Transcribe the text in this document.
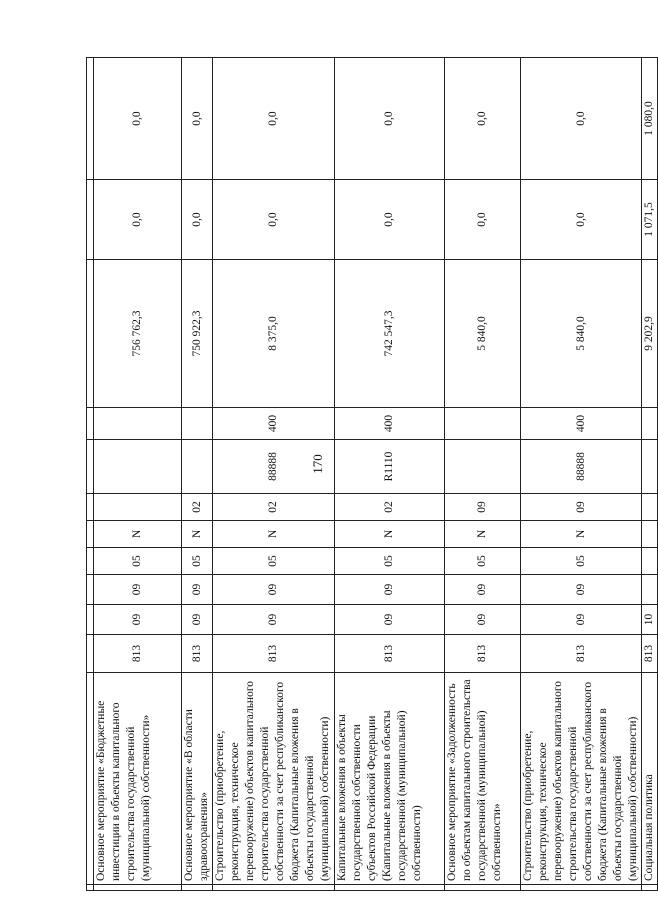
170

	Основное мероприятие «Бюджетные инвестиции в объекты капитального строительства государственной (муниципальной) собственности»	813	09	09	05	N				756 762,3	0,0	0,0
	Основное мероприятие «В области здравоохранения»	813	09	09	05	N	02			750 922,3	0,0	0,0
	Строительство (приобретение, реконструкция, техническое перевооружение) объектов капитального строительства государственной собственности за счет республиканского бюджета (Капитальные вложения в объекты государственной (муниципальной) собственности)	813	09	09	05	N	02	88888	400	8 375,0	0,0	0,0
	Капитальные вложения в объекты государственной собственности субъектов Российской Федерации (Капитальные вложения в объекты государственной (муниципальной) собственности)	813	09	09	05	N	02	R1110	400	742 547,3	0,0	0,0
	Основное мероприятие «Задолженность по объектам капитального строительства государственной (муниципальной) собственности»	813	09	09	05	N	09			5 840,0	0,0	0,0
	Строительство (приобретение, реконструкция, техническое перевооружение) объектов капитального строительства государственной собственности за счет республиканского бюджета (Капитальные вложения в объекты государственной (муниципальной) собственности)	813	09	09	05	N	09	88888	400	5 840,0	0,0	0,0
	Социальная политика	813	10							9 202,9	1 071,5	1 080,0
